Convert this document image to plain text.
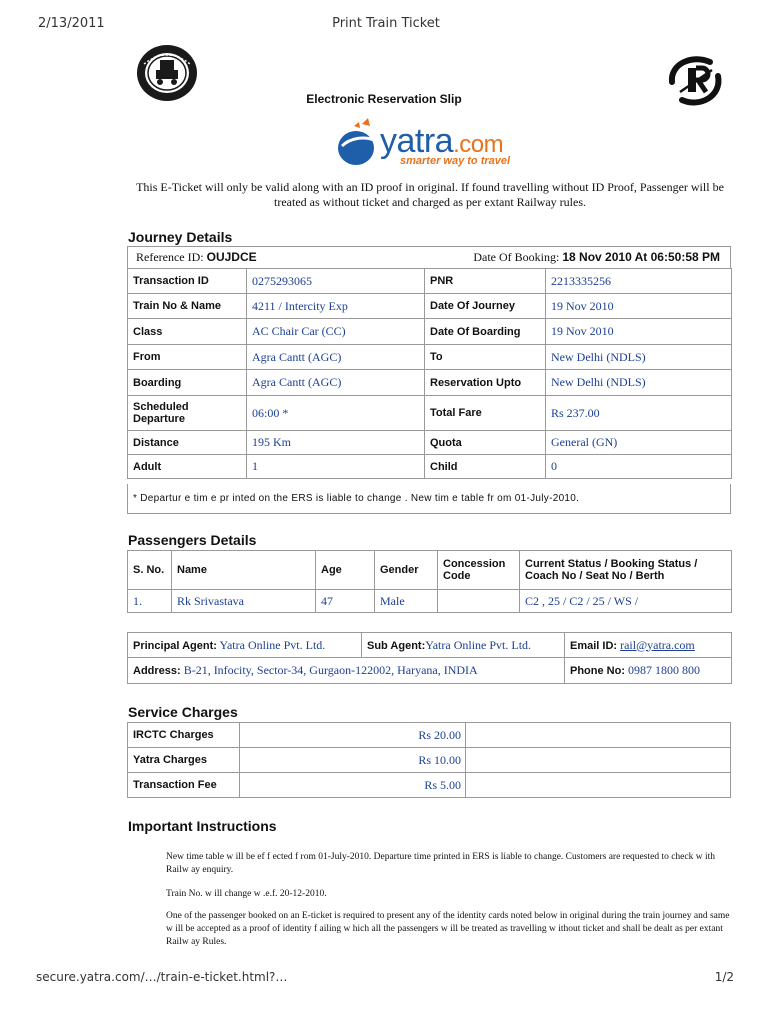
2/13/2011	Print Train Ticket
Electronic Reservation Slip
yatra.com
smarter way to travel
This E-Ticket will only be valid along with an ID proof in original. If found travelling without ID Proof, Passenger will be treated as without ticket and charged as per extant Railway rules.
Journey Details
Reference ID: OUJDCE	Date Of Booking: 18 Nov 2010 At 06:50:58 PM
Transaction ID	0275293065	PNR	2213335256
Train No & Name	4211 / Intercity Exp	Date Of Journey	19 Nov 2010
Class	AC Chair Car (CC)	Date Of Boarding	19 Nov 2010
From	Agra Cantt (AGC)	To	New Delhi (NDLS)
Boarding	Agra Cantt (AGC)	Reservation Upto	New Delhi (NDLS)
Scheduled Departure	06:00 *	Total Fare	Rs 237.00
Distance	195 Km	Quota	General (GN)
Adult	1	Child	0
* Departur e tim e pr inted on the ERS is liable to change . New tim e table fr om 01-July-2010.
Passengers Details
S. No.	Name	Age	Gender	Concession Code	Current Status / Booking Status / Coach No / Seat No / Berth
1.	Rk Srivastava	47	Male		C2 , 25 / C2 / 25 / WS /
Principal Agent: Yatra Online Pvt. Ltd.	Sub Agent:Yatra Online Pvt. Ltd.	Email ID: rail@yatra.com
Address: B-21, Infocity, Sector-34, Gurgaon-122002, Haryana, INDIA		Phone No: 0987 1800 800
Service Charges
IRCTC Charges	Rs 20.00	
Yatra Charges	Rs 10.00	
Transaction Fee	Rs 5.00	
Important Instructions
New time table w ill be ef f ected f rom 01-July-2010. Departure time printed in ERS is liable to change. Customers are requested to check w ith Railw ay enquiry.
Train No. w ill change w .e.f. 20-12-2010.
One of the passenger booked on an E-ticket is required to present any of the identity cards noted below in original during the train journey and same w ill be accepted as a proof of identity f ailing w hich all the passengers w ill be treated as travelling w ithout ticket and shall be dealt as per extant Railw ay Rules.
secure.yatra.com/…/train-e-ticket.html?…	1/2
